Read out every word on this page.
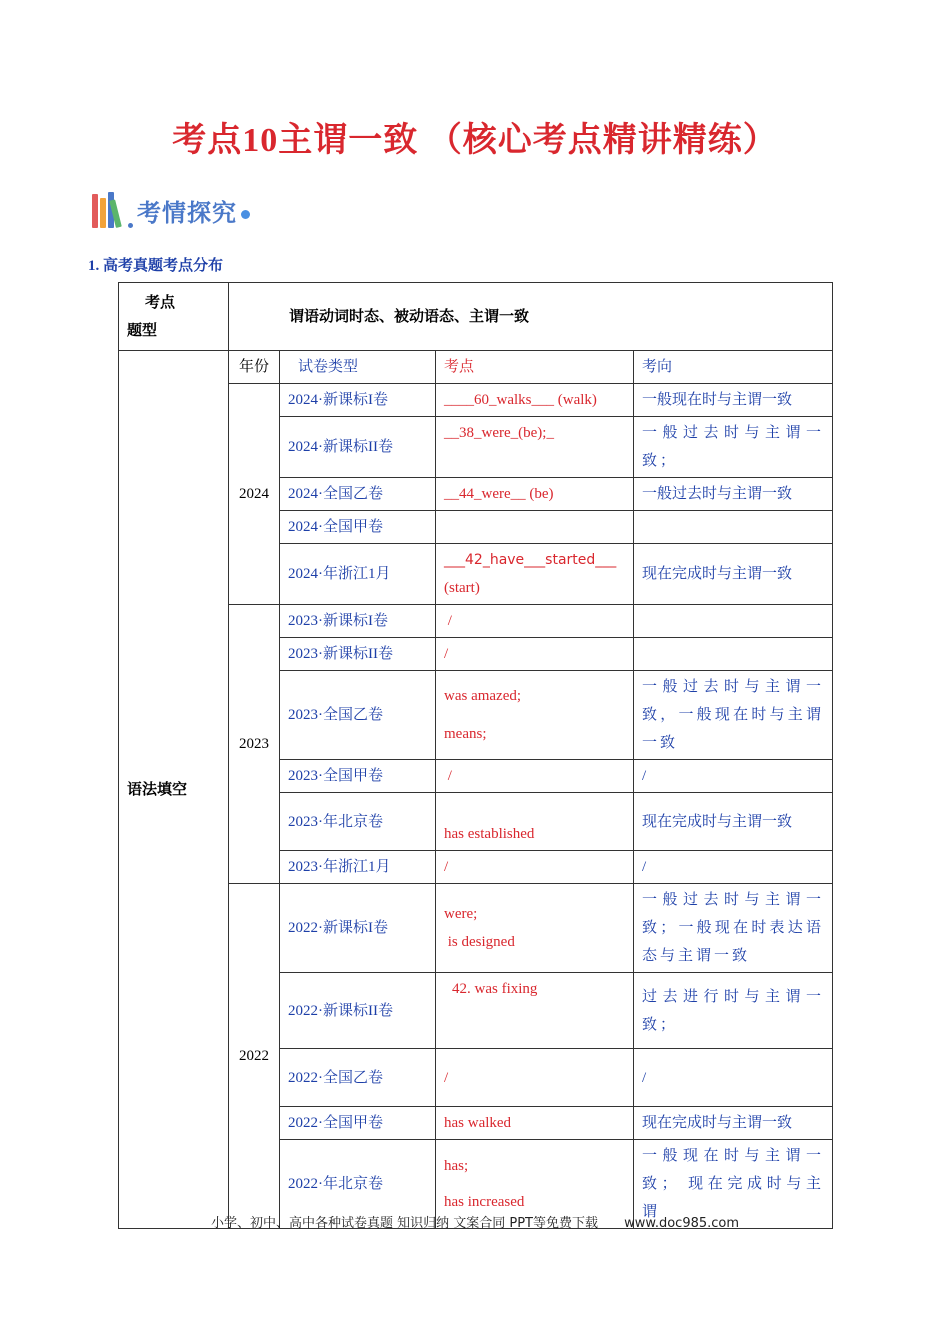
考点10主谓一致 （核心考点精讲精练）
考情探究
1. 高考真题考点分布
考点
题型	谓语动词时态、被动语态、主谓一致			
语法填空	年份	试卷类型	考点	考向
	2024	2024·新课标I卷	____60_walks___ (walk)	一般现在时与主谓一致
		2024·新课标II卷	__38_were_(be);_	一般过去时与主谓一致；
		2024·全国乙卷	__44_were__ (be)	一般过去时与主谓一致
		2024·全国甲卷		
		2024·年浙江1月	___42_have___started___
(start)	现在完成时与主谓一致
	2023	2023·新课标I卷	/	
		2023·新课标II卷	/	
		2023·全国乙卷	was amazed;
means;	一般过去时与主谓一致，一般现在时与主谓一致
		2023·全国甲卷	/	/
		2023·年北京卷	has established	现在完成时与主谓一致
		2023·年浙江1月	/	/
	2022	2022·新课标I卷	were;
is designed	一般过去时与主谓一致；一般现在时表达语态与主谓一致
		2022·新课标II卷	42. was fixing	过去进行时与主谓一致；
		2022·全国乙卷	/	/
		2022·全国甲卷	has walked	现在完成时与主谓一致
		2022·年北京卷	has;
has increased	一般现在时与主谓一致； 现在完成时与主谓
小学、初中、高中各种试卷真题 知识归纳 文案合同 PPT等免费下载 www.doc985.com
